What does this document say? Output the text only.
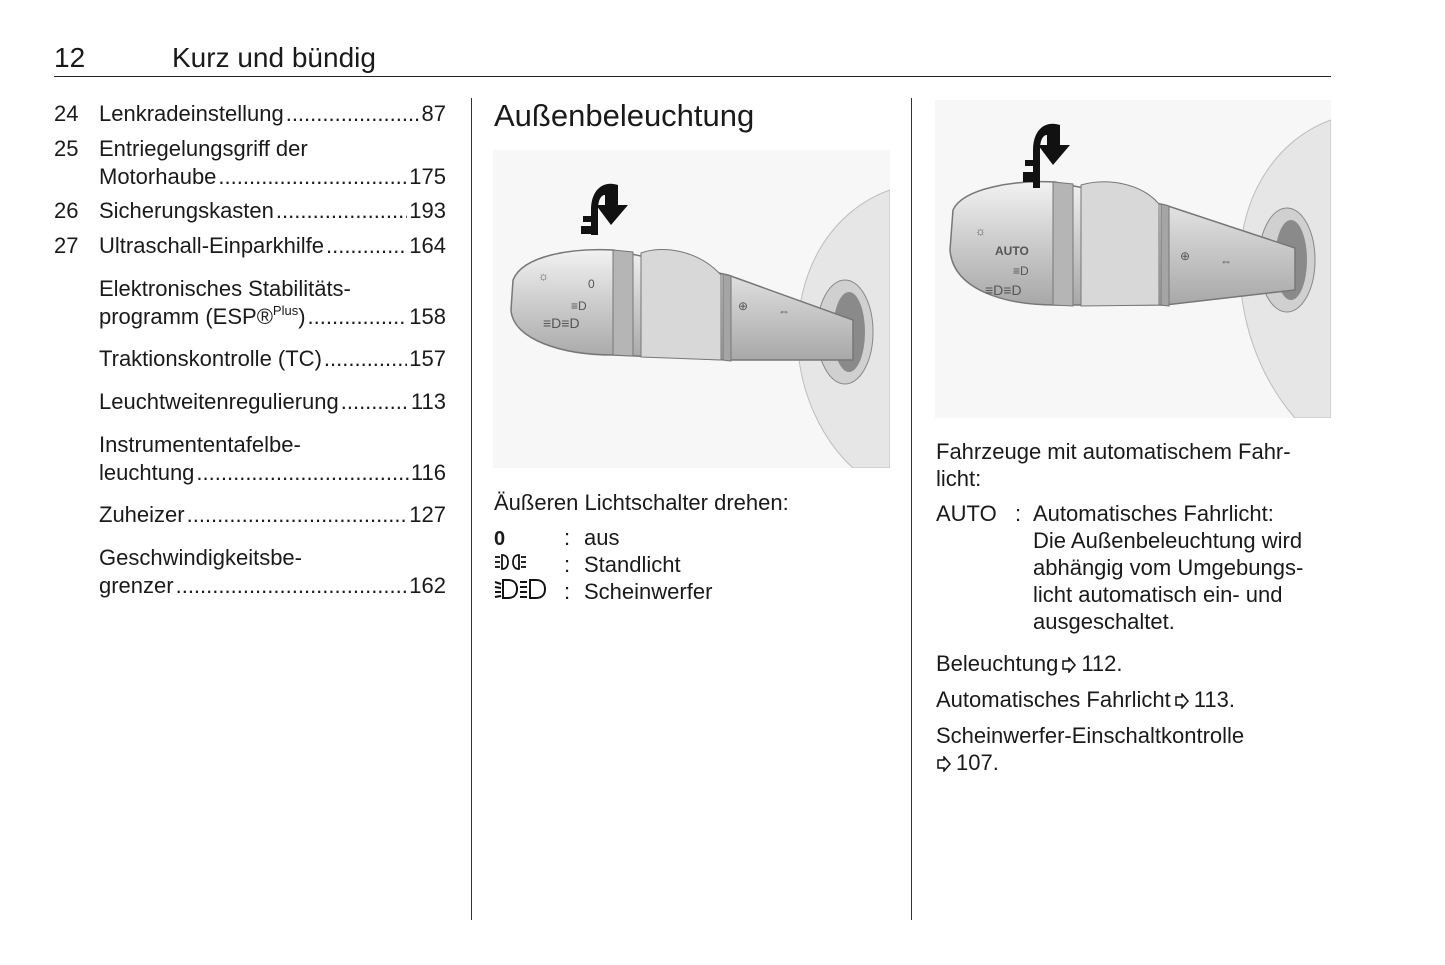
12	Kurz und bündig
24 Lenkradeinstellung .....	87
25 Entriegelungsgriff der
Motorhaube .....	175
26 Sicherungskasten .....	193
27 Ultraschall-Einparkhilfe .....	164
Elektronisches Stabilitäts-
programm (ESP®$^{Plus}$) .....	158
Traktionskontrolle (TC) .....	157
Leuchtweitenregulierung .....	113
Instrumententafelbe-
leuchtung .....	116
Zuheizer .....	127
Geschwindigkeitsbe-
grenzer .....	162
Außenbeleuchtung
☼
0
≡D
≡D≡D
⊕ ⇔
Äußeren Lichtschalter drehen:
0	: aus
: Standlicht
: Scheinwerfer
☼
AUTO
≡D
≡D≡D
⊕ ⇔
Fahrzeuge mit automatischem Fahr-
licht:
AUTO : Automatisches Fahrlicht:
Die Außenbeleuchtung wird
abhängig vom Umgebungs-
licht automatisch ein- und
ausgeschaltet.
Beleuchtung 112.
Automatisches Fahrlicht 113.
Scheinwerfer-Einschaltkontrolle
107.
